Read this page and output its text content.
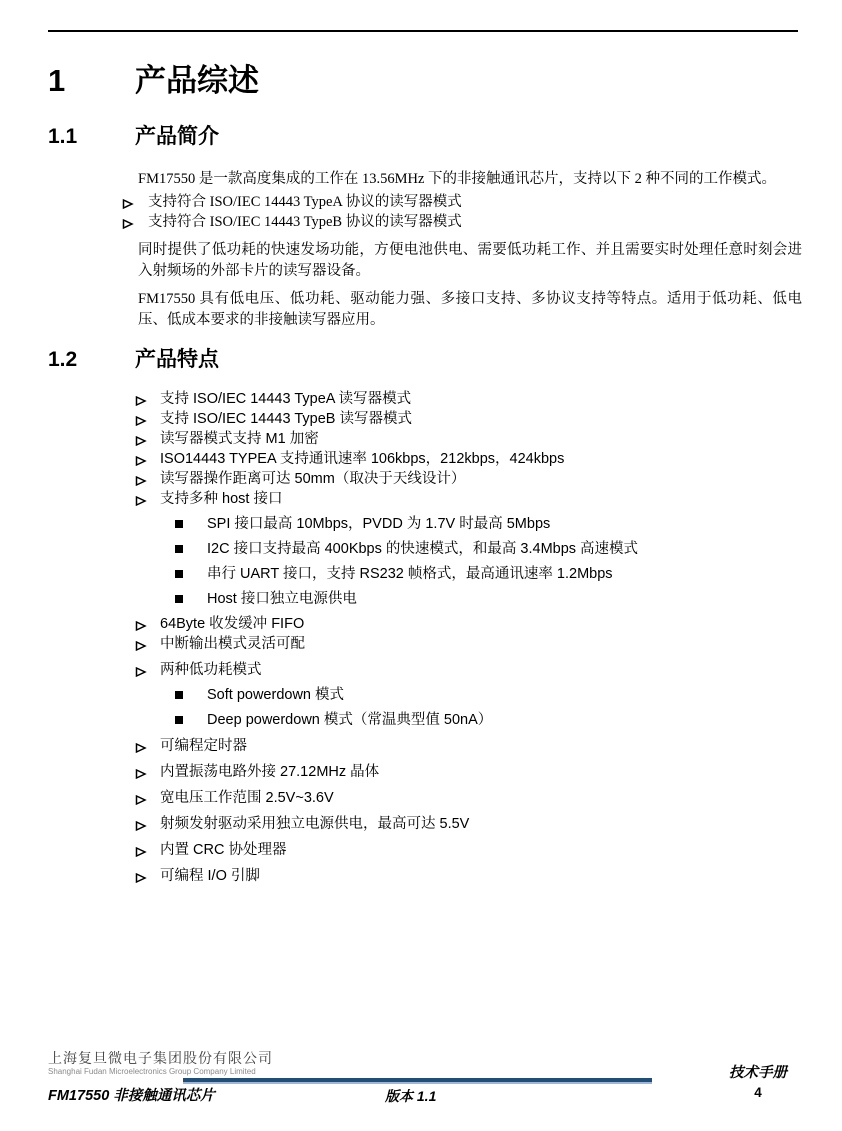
1 产品综述
1.1	产品简介

FM17550 是一款高度集成的工作在 13.56MHz 下的非接触通讯芯片，支持以下 2 种不同的工作模式。

支持符合 ISO/IEC 14443 TypeA 协议的读写器模式
支持符合 ISO/IEC 14443 TypeB 协议的读写器模式

同时提供了低功耗的快速发场功能，方便电池供电、需要低功耗工作、并且需要实时处理任意时刻会进入射频场的外部卡片的读写器设备。

FM17550 具有低电压、低功耗、驱动能力强、多接口支持、多协议支持等特点。适用于低功耗、低电压、低成本要求的非接触读写器应用。

1.2	产品特点
支持 ISO/IEC 14443 TypeA 读写器模式
支持 ISO/IEC 14443 TypeB 读写器模式
读写器模式支持 M1 加密
ISO14443 TYPEA 支持通讯速率 106kbps，212kbps，424kbps
读写器操作距离可达 50mm（取决于天线设计）
支持多种 host 接口
SPI 接口最高 10Mbps，PVDD 为 1.7V 时最高 5Mbps
I2C 接口支持最高 400Kbps 的快速模式，和最高 3.4Mbps 高速模式
串行 UART 接口，支持 RS232 帧格式，最高通讯速率 1.2Mbps
Host 接口独立电源供电
64Byte 收发缓冲 FIFO
中断输出模式灵活可配
两种低功耗模式
Soft powerdown 模式
Deep powerdown 模式（常温典型值 50nA）
可编程定时器
内置振荡电路外接 27.12MHz 晶体
宽电压工作范围 2.5V~3.6V
射频发射驱动采用独立电源供电，最高可达 5.5V
内置 CRC 协处理器
可编程 I/O 引脚
上海复旦微电子集团股份有限公司
Shanghai Fudan Microelectronics Group Company Limited
FM17550 非接触通讯芯片	版本 1.1
技术手册
4
